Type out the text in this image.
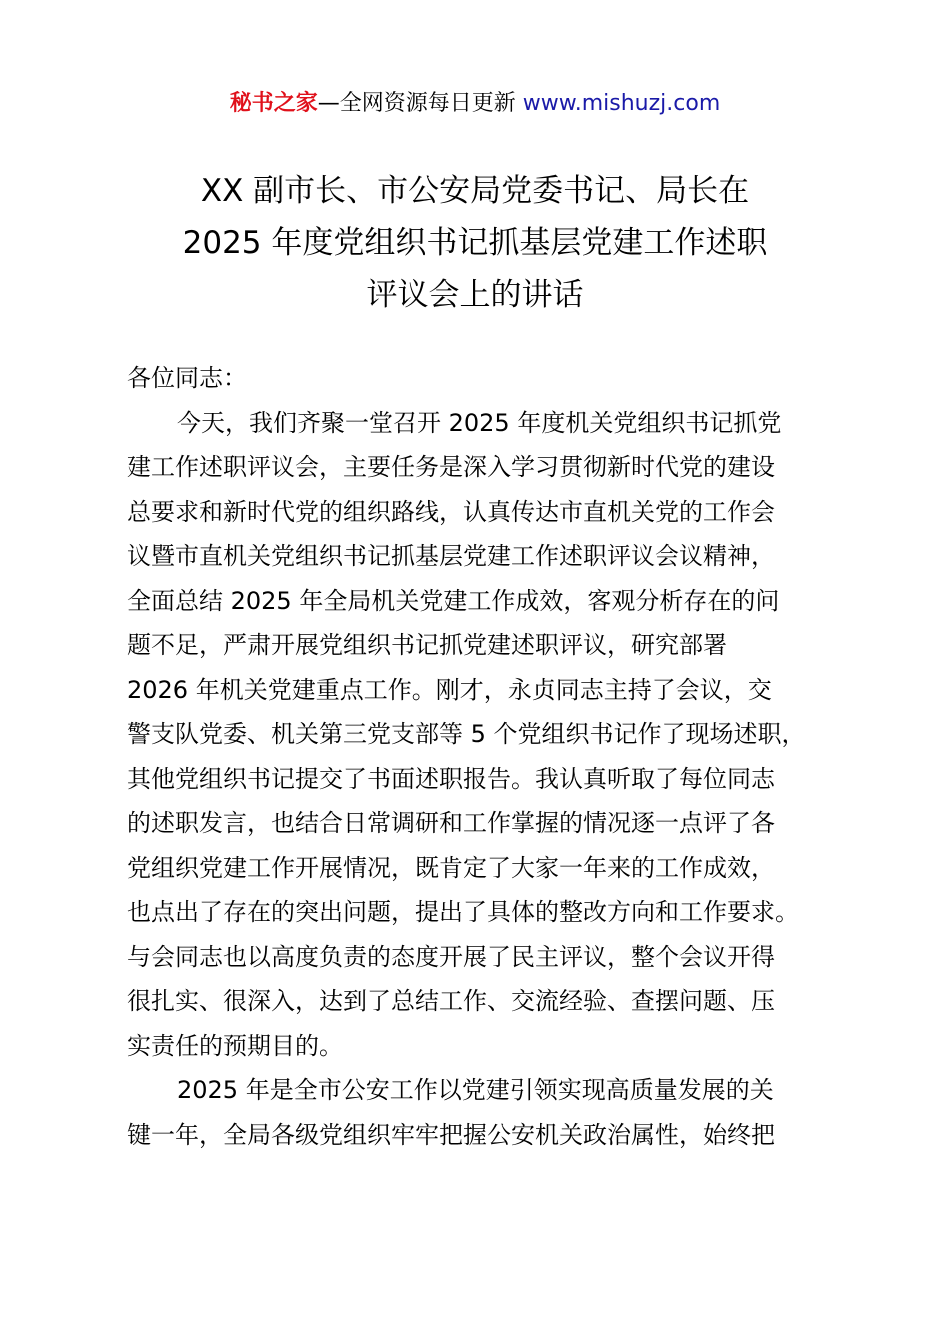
秘书之家—全网资源每日更新 www.mishuzj.com
XX 副市长、市公安局党委书记、局长在
2025 年度党组织书记抓基层党建工作述职
评议会上的讲话
各位同志：
今天，我们齐聚一堂召开 2025 年度机关党组织书记抓党
建工作述职评议会，主要任务是深入学习贯彻新时代党的建设
总要求和新时代党的组织路线，认真传达市直机关党的工作会
议暨市直机关党组织书记抓基层党建工作述职评议会议精神，
全面总结 2025 年全局机关党建工作成效，客观分析存在的问
题不足，严肃开展党组织书记抓党建述职评议，研究部署
2026 年机关党建重点工作。刚才，永贞同志主持了会议，交
警支队党委、机关第三党支部等 5 个党组织书记作了现场述职，
其他党组织书记提交了书面述职报告。我认真听取了每位同志
的述职发言，也结合日常调研和工作掌握的情况逐一点评了各
党组织党建工作开展情况，既肯定了大家一年来的工作成效，
也点出了存在的突出问题，提出了具体的整改方向和工作要求。
与会同志也以高度负责的态度开展了民主评议，整个会议开得
很扎实、很深入，达到了总结工作、交流经验、查摆问题、压
实责任的预期目的。
2025 年是全市公安工作以党建引领实现高质量发展的关
键一年，全局各级党组织牢牢把握公安机关政治属性，始终把
